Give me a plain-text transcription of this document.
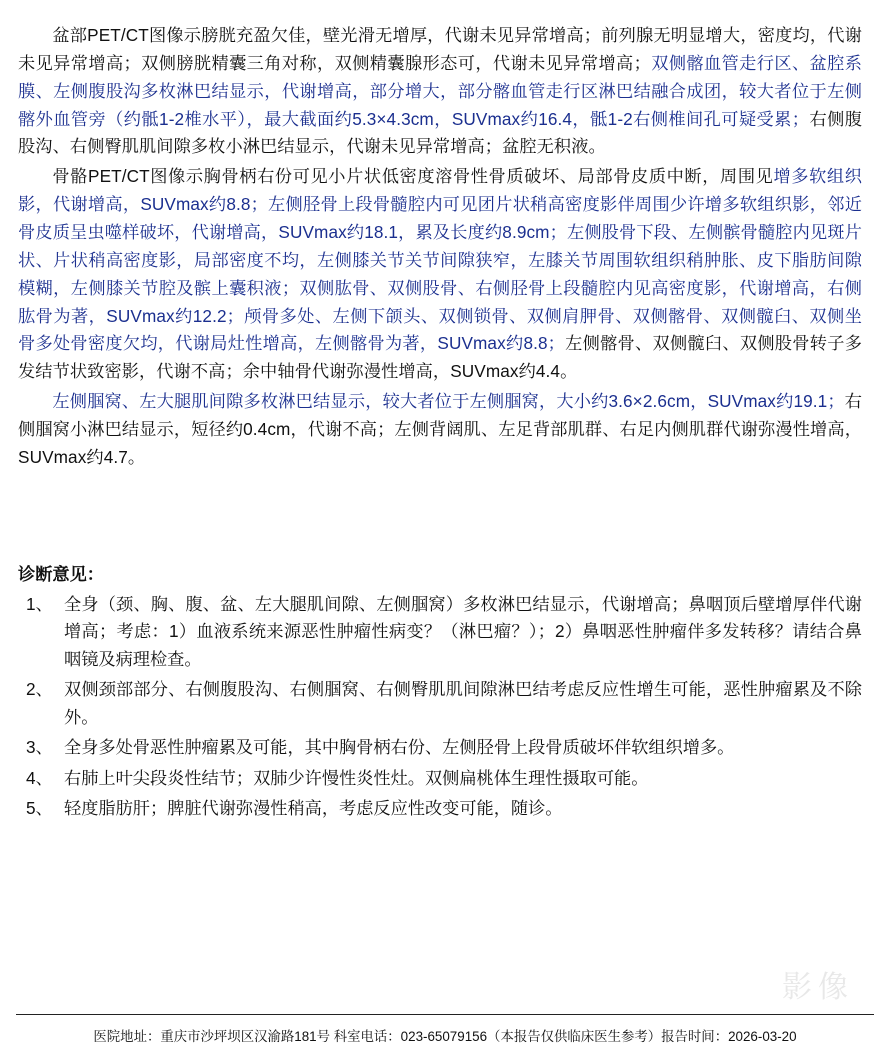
盆部PET/CT图像示膀胱充盈欠佳，壁光滑无增厚，代谢未见异常增高；前列腺无明显增大，密度均，代谢未见异常增高；双侧膀胱精囊三角对称，双侧精囊腺形态可，代谢未见异常增高；双侧髂血管走行区、盆腔系膜、左侧腹股沟多枚淋巴结显示，代谢增高，部分增大，部分髂血管走行区淋巴结融合成团，较大者位于左侧髂外血管旁（约骶1-2椎水平），最大截面约5.3×4.3cm，SUVmax约16.4，骶1-2右侧椎间孔可疑受累；右侧腹股沟、右侧臀肌肌间隙多枚小淋巴结显示，代谢未见异常增高；盆腔无积液。

骨骼PET/CT图像示胸骨柄右份可见小片状低密度溶骨性骨质破坏、局部骨皮质中断，周围见增多软组织影，代谢增高，SUVmax约8.8；左侧胫骨上段骨髓腔内可见团片状稍高密度影伴周围少许增多软组织影，邻近骨皮质呈虫噬样破坏，代谢增高，SUVmax约18.1，累及长度约8.9cm；左侧股骨下段、左侧髌骨髓腔内见斑片状、片状稍高密度影，局部密度不均，左侧膝关节关节间隙狭窄，左膝关节周围软组织稍肿胀、皮下脂肪间隙模糊，左侧膝关节腔及髌上囊积液；双侧肱骨、双侧股骨、右侧胫骨上段髓腔内见高密度影，代谢增高，右侧肱骨为著，SUVmax约12.2；颅骨多处、左侧下颌头、双侧锁骨、双侧肩胛骨、双侧髂骨、双侧髋臼、双侧坐骨多处骨密度欠均，代谢局灶性增高，左侧髂骨为著，SUVmax约8.8；左侧髂骨、双侧髋臼、双侧股骨转子多发结节状致密影，代谢不高；余中轴骨代谢弥漫性增高，SUVmax约4.4。

左侧腘窝、左大腿肌间隙多枚淋巴结显示，较大者位于左侧腘窝，大小约3.6×2.6cm，SUVmax约19.1；右侧腘窝小淋巴结显示，短径约0.4cm，代谢不高；左侧背阔肌、左足背部肌群、右足内侧肌群代谢弥漫性增高，SUVmax约4.7。

诊断意见：
1、 全身（颈、胸、腹、盆、左大腿肌间隙、左侧腘窝）多枚淋巴结显示，代谢增高；鼻咽顶后壁增厚伴代谢增高；考虑：1）血液系统来源恶性肿瘤性病变？（淋巴瘤？）；2）鼻咽恶性肿瘤伴多发转移？请结合鼻咽镜及病理检查。
2、 双侧颈部部分、右侧腹股沟、右侧腘窝、右侧臀肌肌间隙淋巴结考虑反应性增生可能，恶性肿瘤累及不除外。
3、 全身多处骨恶性肿瘤累及可能，其中胸骨柄右份、左侧胫骨上段骨质破坏伴软组织增多。
4、 右肺上叶尖段炎性结节；双肺少许慢性炎性灶。双侧扁桃体生理性摄取可能。
5、 轻度脂肪肝；脾脏代谢弥漫性稍高，考虑反应性改变可能，随诊。
影像
医院地址：重庆市沙坪坝区汉渝路181号 科室电话：023-65079156（本报告仅供临床医生参考）报告时间：2026-03-20
